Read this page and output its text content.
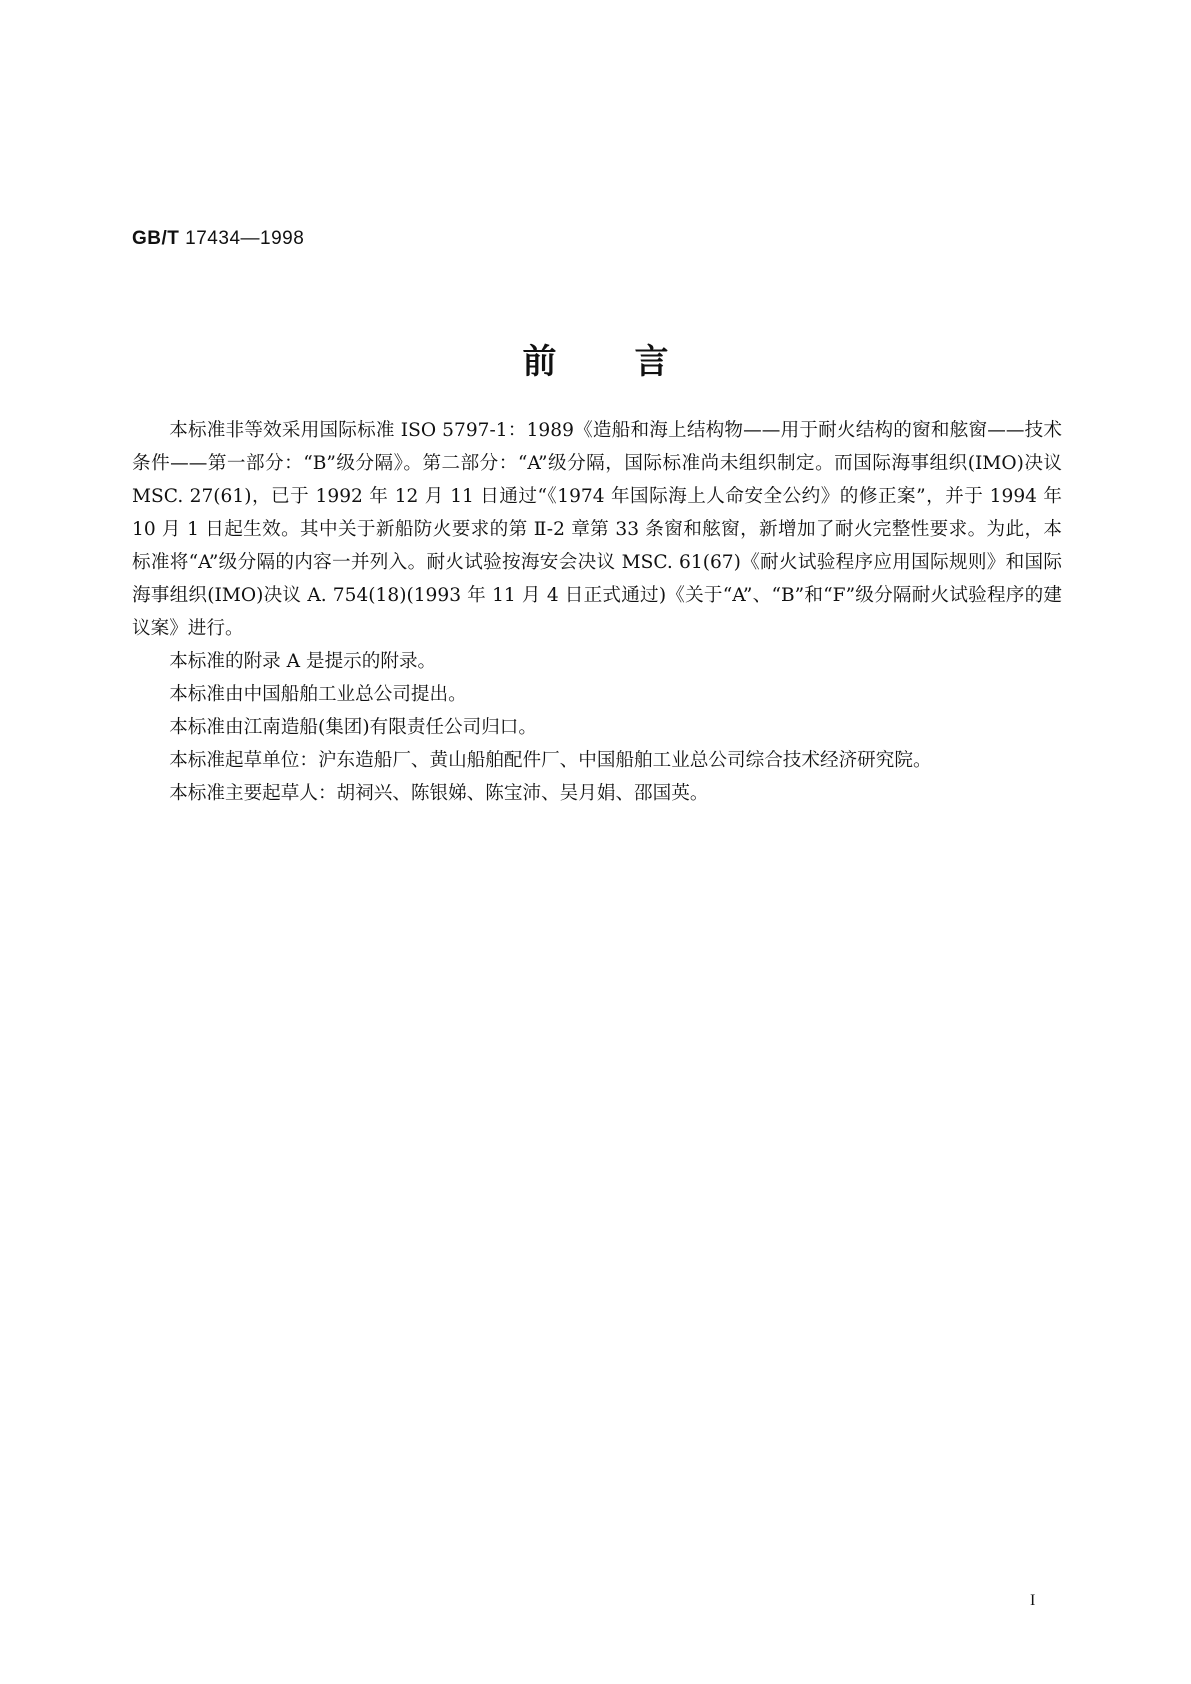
GB/T 17434—1998
前言

本标准非等效采用国际标准 ISO 5797-1：1989《造船和海上结构物——用于耐火结构的窗和舷窗——技术条件——第一部分：“B”级分隔》。第二部分：“A”级分隔，国际标准尚未组织制定。而国际海事组织(IMO)决议 MSC. 27(61)，已于 1992 年 12 月 11 日通过“《1974 年国际海上人命安全公约》的修正案”，并于 1994 年 10 月 1 日起生效。其中关于新船防火要求的第 Ⅱ-2 章第 33 条窗和舷窗，新增加了耐火完整性要求。为此，本标准将“A”级分隔的内容一并列入。耐火试验按海安会决议 MSC. 61(67)《耐火试验程序应用国际规则》和国际海事组织(IMO)决议 A. 754(18)(1993 年 11 月 4 日正式通过)《关于“A”、“B”和“F”级分隔耐火试验程序的建议案》进行。

本标准的附录 A 是提示的附录。

本标准由中国船舶工业总公司提出。

本标准由江南造船(集团)有限责任公司归口。

本标准起草单位：沪东造船厂、黄山船舶配件厂、中国船舶工业总公司综合技术经济研究院。

本标准主要起草人：胡祠兴、陈银娣、陈宝沛、吴月娟、邵国英。

I
